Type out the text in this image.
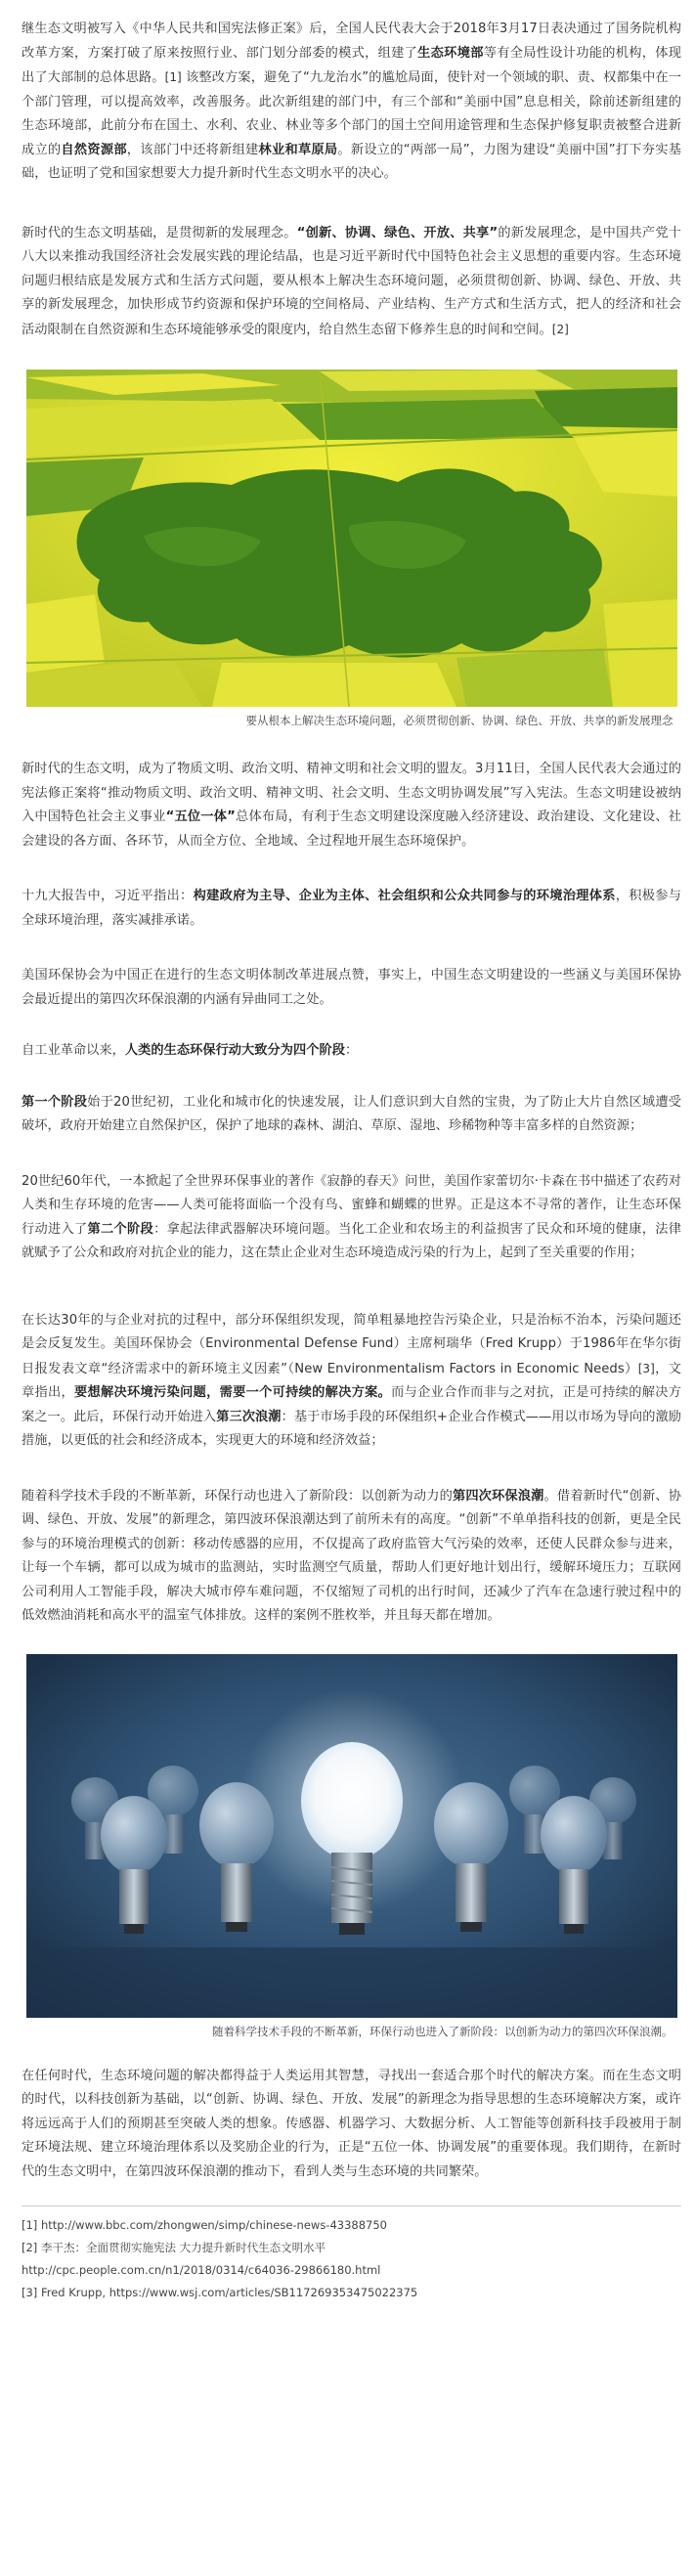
继生态文明被写入《中华人民共和国宪法修正案》后，全国人民代表大会于2018年3月17日表决通过了国务院机构改革方案，方案打破了原来按照行业、部门划分部委的模式，组建了生态环境部等有全局性设计功能的机构，体现出了大部制的总体思路。[1] 该整改方案，避免了“九龙治水”的尴尬局面，使针对一个领域的职、责、权都集中在一个部门管理，可以提高效率，改善服务。此次新组建的部门中，有三个部和“美丽中国”息息相关，除前述新组建的生态环境部，此前分布在国土、水利、农业、林业等多个部门的国土空间用途管理和生态保护修复职责被整合进新成立的自然资源部，该部门中还将新组建林业和草原局。新设立的“两部一局”，力图为建设“美丽中国”打下夯实基础，也证明了党和国家想要大力提升新时代生态文明水平的决心。

新时代的生态文明基础，是贯彻新的发展理念。“创新、协调、绿色、开放、共享”的新发展理念，是中国共产党十八大以来推动我国经济社会发展实践的理论结晶，也是习近平新时代中国特色社会主义思想的重要内容。生态环境问题归根结底是发展方式和生活方式问题，要从根本上解决生态环境问题，必须贯彻创新、协调、绿色、开放、共享的新发展理念，加快形成节约资源和保护环境的空间格局、产业结构、生产方式和生活方式，把人的经济和社会活动限制在自然资源和生态环境能够承受的限度内，给自然生态留下修养生息的时间和空间。[2]

要从根本上解决生态环境问题，必须贯彻创新、协调、绿色、开放、共享的新发展理念

新时代的生态文明，成为了物质文明、政治文明、精神文明和社会文明的盟友。3月11日，全国人民代表大会通过的宪法修正案将“推动物质文明、政治文明、精神文明、社会文明、生态文明协调发展”写入宪法。生态文明建设被纳入中国特色社会主义事业“五位一体”总体布局，有利于生态文明建设深度融入经济建设、政治建设、文化建设、社会建设的各方面、各环节，从而全方位、全地域、全过程地开展生态环境保护。

十九大报告中，习近平指出：构建政府为主导、企业为主体、社会组织和公众共同参与的环境治理体系，积极参与全球环境治理，落实减排承诺。

美国环保协会为中国正在进行的生态文明体制改革进展点赞，事实上，中国生态文明建设的一些涵义与美国环保协会最近提出的第四次环保浪潮的内涵有异曲同工之处。

自工业革命以来，人类的生态环保行动大致分为四个阶段：

第一个阶段始于20世纪初，工业化和城市化的快速发展，让人们意识到大自然的宝贵，为了防止大片自然区域遭受破坏，政府开始建立自然保护区，保护了地球的森林、湖泊、草原、湿地、珍稀物种等丰富多样的自然资源；

20世纪60年代，一本掀起了全世界环保事业的著作《寂静的春天》问世，美国作家蕾切尔·卡森在书中描述了农药对人类和生存环境的危害——人类可能将面临一个没有鸟、蜜蜂和蝴蝶的世界。正是这本不寻常的著作，让生态环保行动进入了第二个阶段：拿起法律武器解决环境问题。当化工企业和农场主的利益损害了民众和环境的健康，法律就赋予了公众和政府对抗企业的能力，这在禁止企业对生态环境造成污染的行为上，起到了至关重要的作用；

在长达30年的与企业对抗的过程中，部分环保组织发现，简单粗暴地控告污染企业，只是治标不治本，污染问题还是会反复发生。美国环保协会（Environmental Defense Fund）主席柯瑞华（Fred Krupp）于1986年在华尔街日报发表文章“经济需求中的新环境主义因素”（New Environmentalism Factors in Economic Needs）[3]，文章指出，要想解决环境污染问题，需要一个可持续的解决方案。而与企业合作而非与之对抗，正是可持续的解决方案之一。此后，环保行动开始进入第三次浪潮：基于市场手段的环保组织+企业合作模式——用以市场为导向的激励措施，以更低的社会和经济成本，实现更大的环境和经济效益；

随着科学技术手段的不断革新，环保行动也进入了新阶段：以创新为动力的第四次环保浪潮。借着新时代“创新、协调、绿色、开放、发展”的新理念，第四波环保浪潮达到了前所未有的高度。“创新”不单单指科技的创新，更是全民参与的环境治理模式的创新：移动传感器的应用，不仅提高了政府监管大气污染的效率，还使人民群众参与进来，让每一个车辆，都可以成为城市的监测站，实时监测空气质量，帮助人们更好地计划出行，缓解环境压力；互联网公司利用人工智能手段，解决大城市停车难问题，不仅缩短了司机的出行时间，还减少了汽车在急速行驶过程中的低效燃油消耗和高水平的温室气体排放。这样的案例不胜枚举，并且每天都在增加。

随着科学技术手段的不断革新，环保行动也进入了新阶段：以创新为动力的第四次环保浪潮。

在任何时代，生态环境问题的解决都得益于人类运用其智慧，寻找出一套适合那个时代的解决方案。而在生态文明的时代，以科技创新为基础，以“创新、协调、绿色、开放、发展”的新理念为指导思想的生态环境解决方案，或许将远远高于人们的预期甚至突破人类的想象。传感器、机器学习、大数据分析、人工智能等创新科技手段被用于制定环境法规、建立环境治理体系以及奖励企业的行为，正是“五位一体、协调发展”的重要体现。我们期待，在新时代的生态文明中，在第四波环保浪潮的推动下，看到人类与生态环境的共同繁荣。

[1] http://www.bbc.com/zhongwen/simp/chinese-news-43388750

[2] 李干杰：全面贯彻实施宪法 大力提升新时代生态文明水平

http://cpc.people.com.cn/n1/2018/0314/c64036-29866180.html

[3] Fred Krupp, https://www.wsj.com/articles/SB117269353475022375
